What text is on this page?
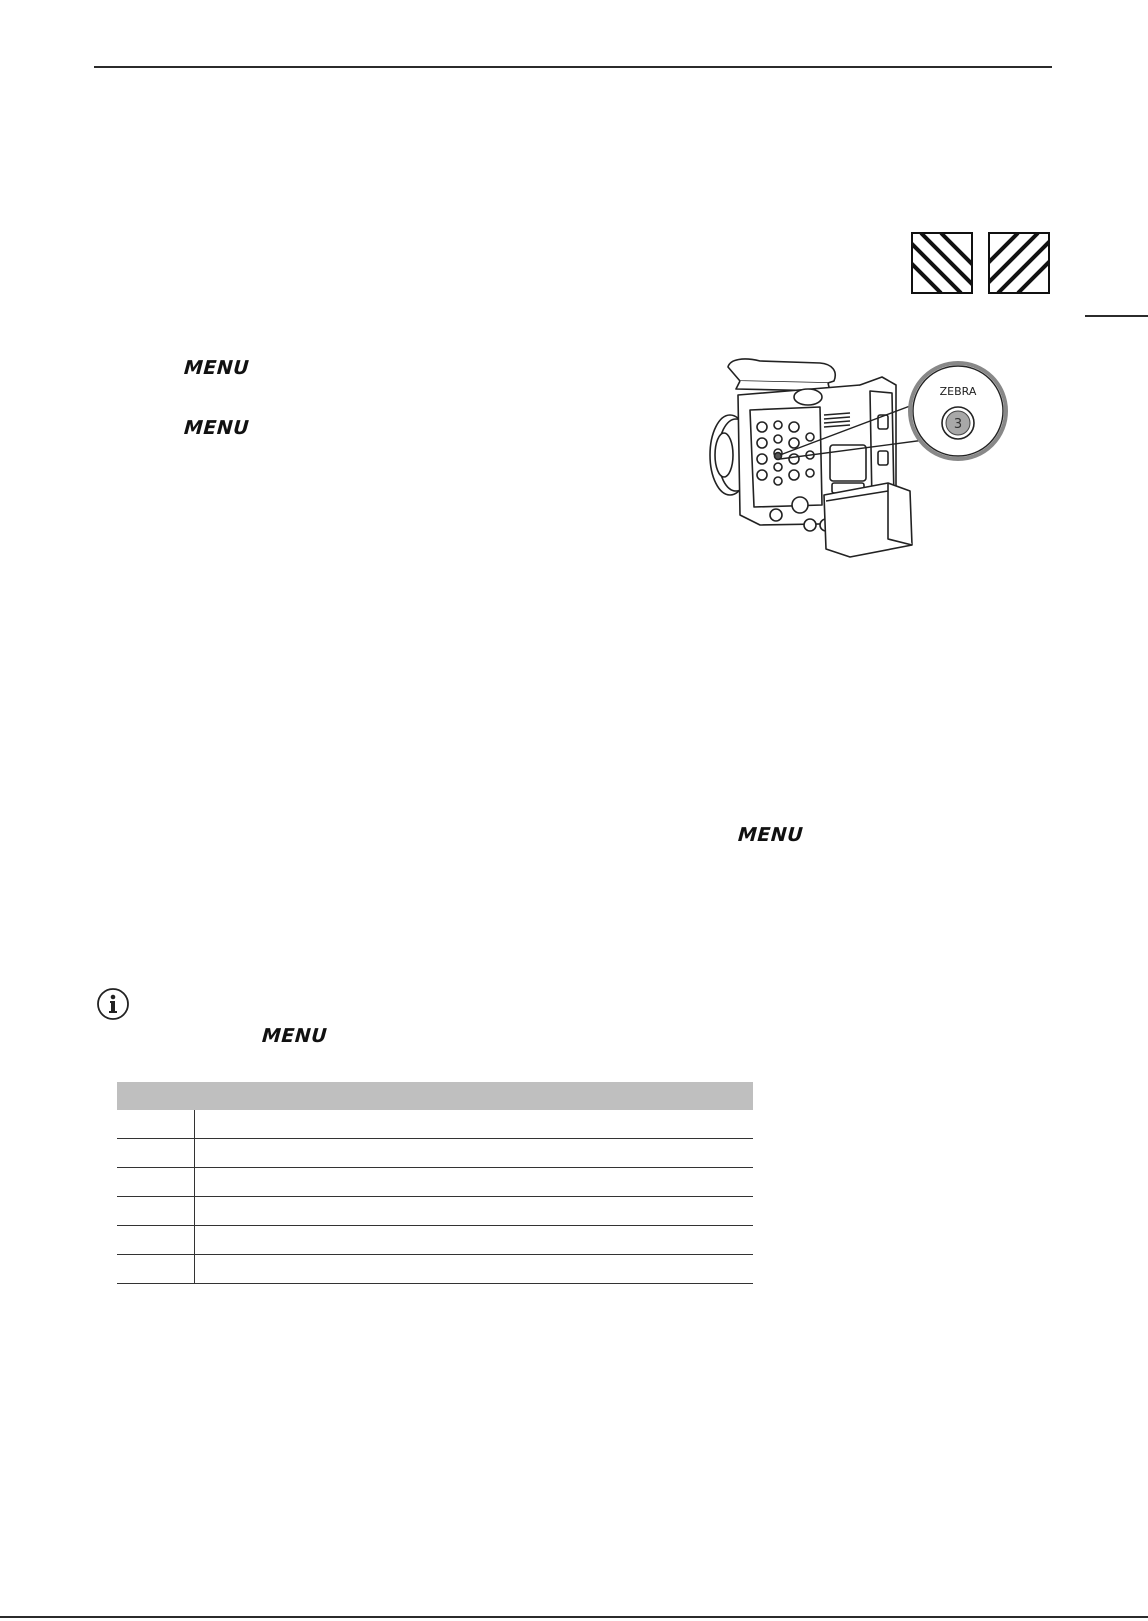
MENU
MENU
MENU
MENU
ZEBRA
3
